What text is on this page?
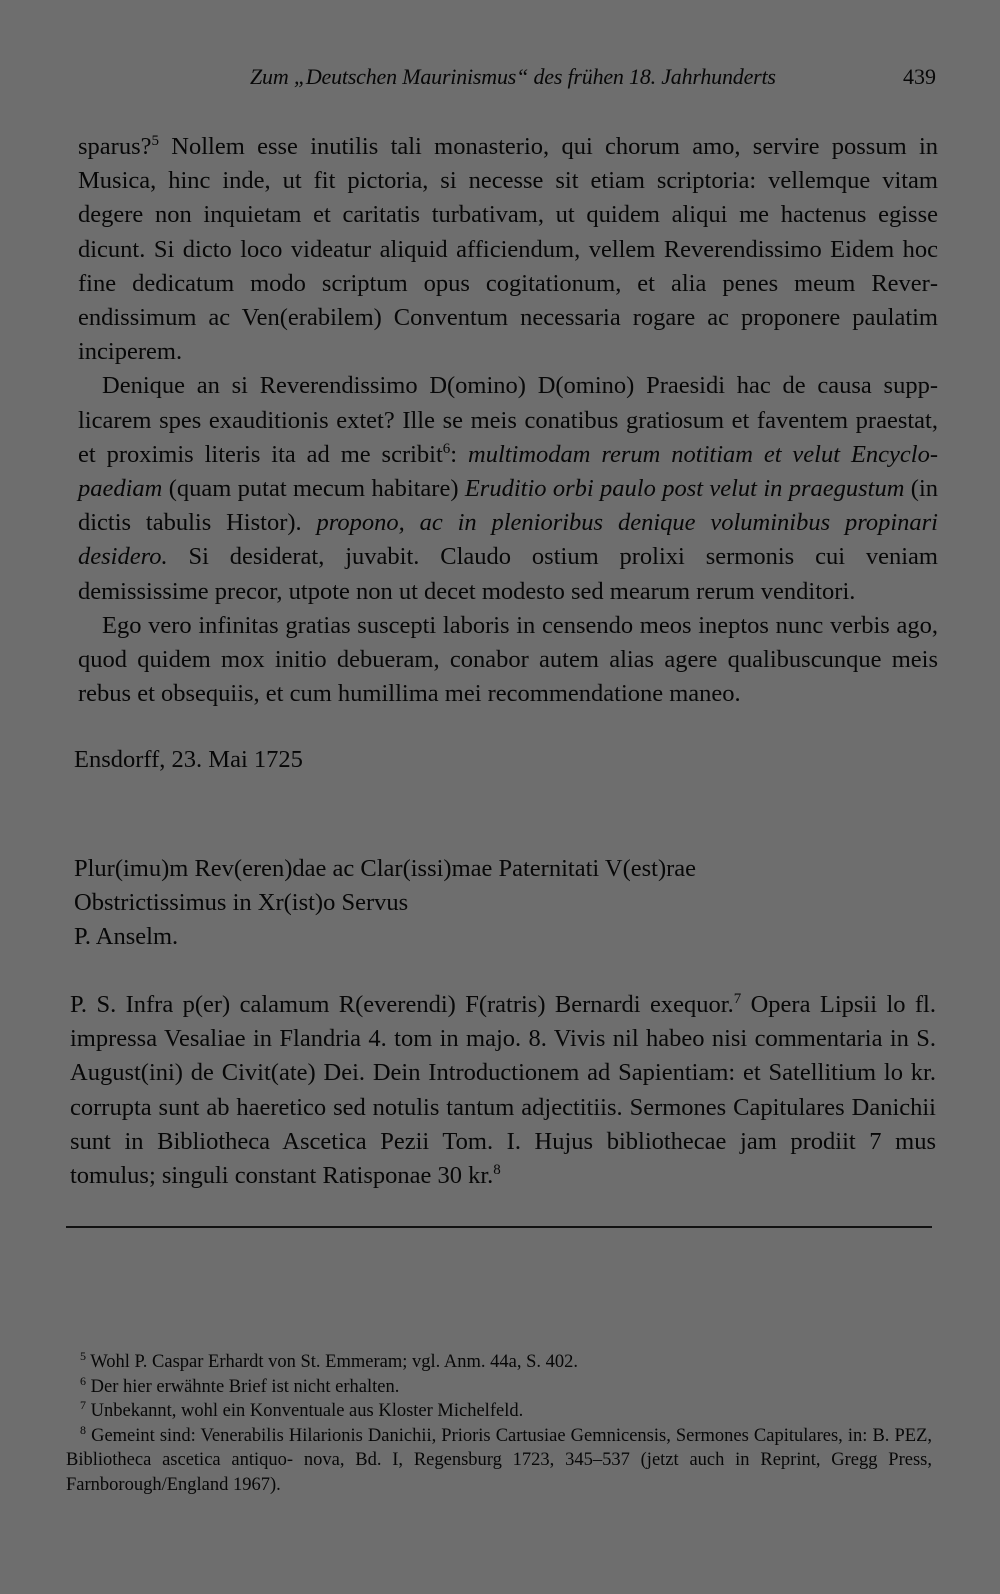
Zum „Deutschen Maurinismus“ des frühen 18. Jahrhunderts	439

sparus?$^5$ Nollem esse inutilis tali monasterio, qui chorum amo, servire possum in Musica, hinc inde, ut fit pictoria, si necesse sit etiam scriptoria: vellemque vitam degere non inquietam et caritatis turbativam, ut quidem aliqui me hactenus egisse dicunt. Si dicto loco videatur aliquid afficiendum, vellem Reverendissimo Eidem hoc fine dedicatum modo scriptum opus cogitationum, et alia penes meum Reverendissimum ac Ven(erabilem) Conventum necessaria rogare ac proponere paulatim inciperem.

Denique an si Reverendissimo D(omino) D(omino) Praesidi hac de causa supplicarem spes exauditionis extet? Ille se meis conatibus gratiosum et faventem praestat, et proximis literis ita ad me scribit$^6$: multimodam rerum notitiam et velut Encyclopaediam (quam putat mecum habitare) Eruditio orbi paulo post velut in praegustum (in dictis tabulis Histor). propono, ac in plenioribus denique voluminibus propinari desidero. Si desiderat, juvabit. Claudo ostium prolixi sermonis cui veniam demississime precor, utpote non ut decet modesto sed mearum rerum venditori.

Ego vero infinitas gratias suscepti laboris in censendo meos ineptos nunc verbis ago, quod quidem mox initio debueram, conabor autem alias agere qualibuscunque meis rebus et obsequiis, et cum humillima mei recommendatione maneo.

Ensdorff, 23. Mai 1725
Plur(imu)m Rev(eren)dae ac Clar(issi)mae Paternitati V(est)rae
Obstrictissimus in Xr(ist)o Servus
P. Anselm.
P. S. Infra p(er) calamum R(everendi) F(ratris) Bernardi exequor.$^7$ Opera Lipsii lo fl. impressa Vesaliae in Flandria 4. tom in majo. 8. Vivis nil habeo nisi commentaria in S. August(ini) de Civit(ate) Dei. Dein Introductionem ad Sapientiam: et Satellitium lo kr. corrupta sunt ab haeretico sed notulis tantum adjectitiis. Sermones Capitulares Danichii sunt in Bibliotheca Ascetica Pezii Tom. I. Hujus bibliothecae jam prodiit 7 mus tomulus; singuli constant Ratisponae 30 kr.$^8$

$^5$ Wohl P. Caspar Erhardt von St. Emmeram; vgl. Anm. 44a, S. 402.

$^6$ Der hier erwähnte Brief ist nicht erhalten.

$^7$ Unbekannt, wohl ein Konventuale aus Kloster Michelfeld.

$^8$ Gemeint sind: Venerabilis Hilarionis Danichii, Prioris Cartusiae Gemnicensis, Sermones Capitulares, in: B. PEZ, Bibliotheca ascetica antiquo- nova, Bd. I, Regensburg 1723, 345–537 (jetzt auch in Reprint, Gregg Press, Farnborough/England 1967).
